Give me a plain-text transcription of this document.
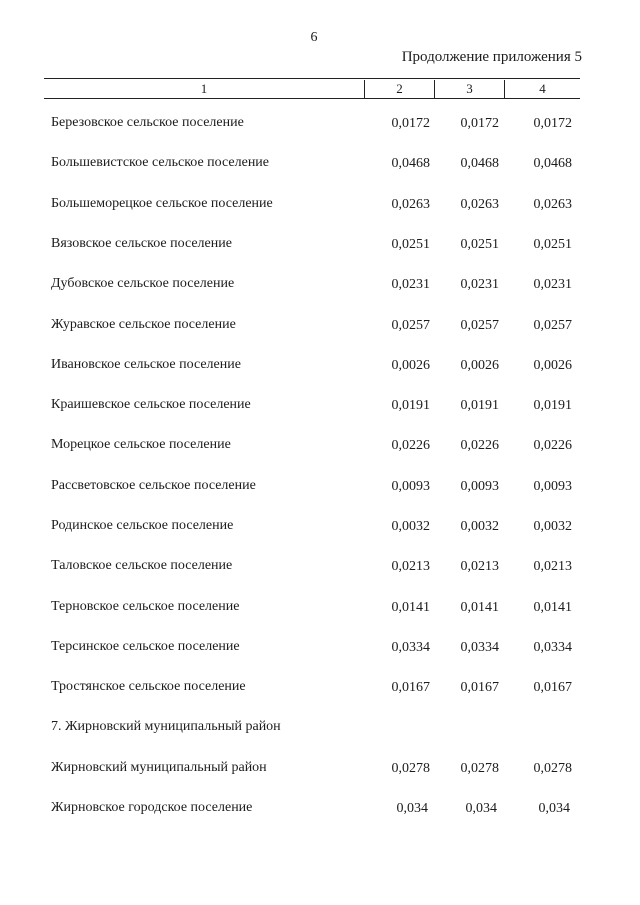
6
Продолжение приложения 5
1	2	3	4
Березовское сельское поселение	0,0172 0,0172 0,0172
Большевистское сельское поселение	0,0468 0,0468 0,0468
Большеморецкое сельское поселение	0,0263 0,0263 0,0263
Вязовское сельское поселение	0,0251 0,0251 0,0251
Дубовское сельское поселение	0,0231 0,0231 0,0231
Журавское сельское поселение	0,0257 0,0257 0,0257
Ивановское сельское поселение	0,0026 0,0026 0,0026
Краишевское сельское поселение	0,0191 0,0191 0,0191
Морецкое сельское поселение	0,0226 0,0226 0,0226
Рассветовское сельское поселение	0,0093 0,0093 0,0093
Родинское сельское поселение	0,0032 0,0032 0,0032
Таловское сельское поселение	0,0213 0,0213 0,0213
Терновское сельское поселение	0,0141 0,0141 0,0141
Терсинское сельское поселение	0,0334 0,0334 0,0334
Тростянское сельское поселение	0,0167 0,0167 0,0167
7. Жирновский муниципальный район
Жирновский муниципальный район	0,0278 0,0278 0,0278
Жирновское городское поселение	0,034	0,034	0,034
